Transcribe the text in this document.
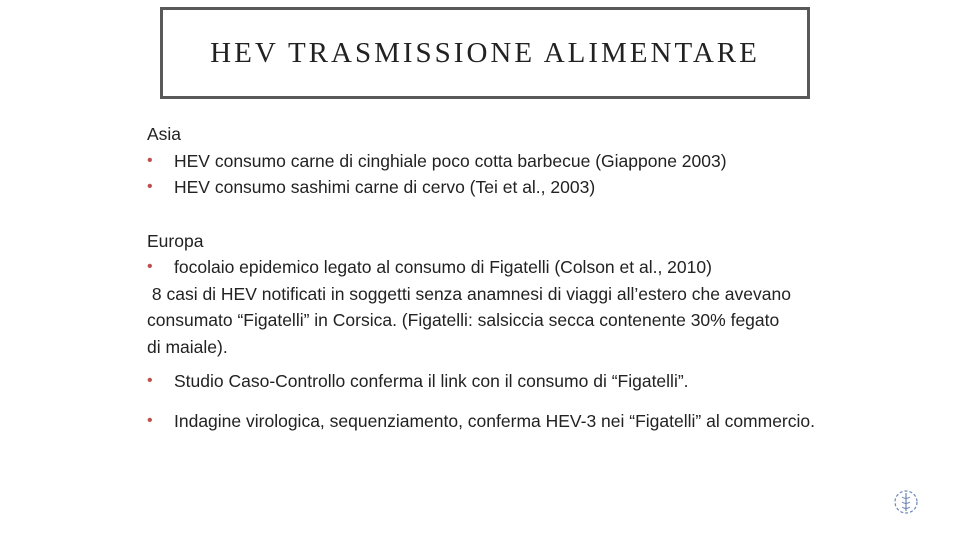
HEV TRASMISSIONE ALIMENTARE
Asia
• HEV consumo carne di cinghiale poco cotta barbecue (Giappone 2003)
• HEV consumo sashimi carne di cervo (Tei et al., 2003)
Europa
• focolaio epidemico legato al consumo di Figatelli (Colson et al., 2010)
8 casi di HEV notificati in soggetti senza anamnesi di viaggi all’estero che avevano
consumato “Figatelli” in Corsica. (Figatelli: salsiccia secca contenente 30% fegato
di maiale).
• Studio Caso-Controllo conferma il link con il consumo di “Figatelli”.
• Indagine virologica, sequenziamento, conferma HEV-3 nei “Figatelli” al commercio.
